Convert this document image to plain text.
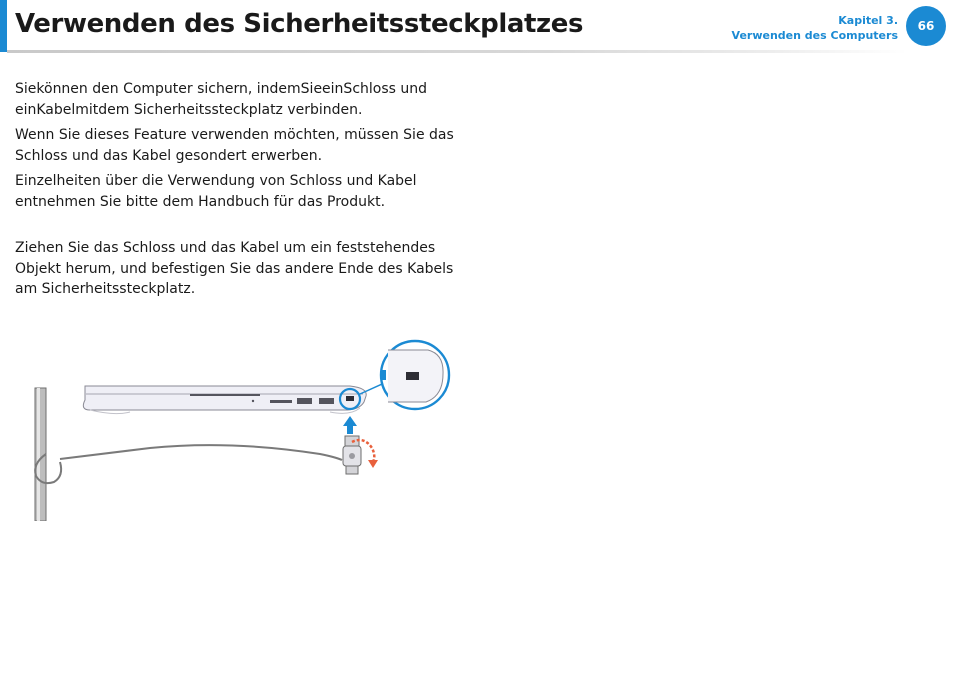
Verwenden des Sicherheitssteckplatzes	Kapitel 3.
Verwenden des Computers
66

Siekönnen den Computer sichern, indemSieeinSchloss und einKabelmitdem Sicherheitssteckplatz verbinden.

Wenn Sie dieses Feature verwenden möchten, müssen Sie das Schloss und das Kabel gesondert erwerben.

Einzelheiten über die Verwendung von Schloss und Kabel entnehmen Sie bitte dem Handbuch für das Produkt.

Ziehen Sie das Schloss und das Kabel um ein feststehendes Objekt herum, und befestigen Sie das andere Ende des Kabels am Sicherheitssteckplatz.
